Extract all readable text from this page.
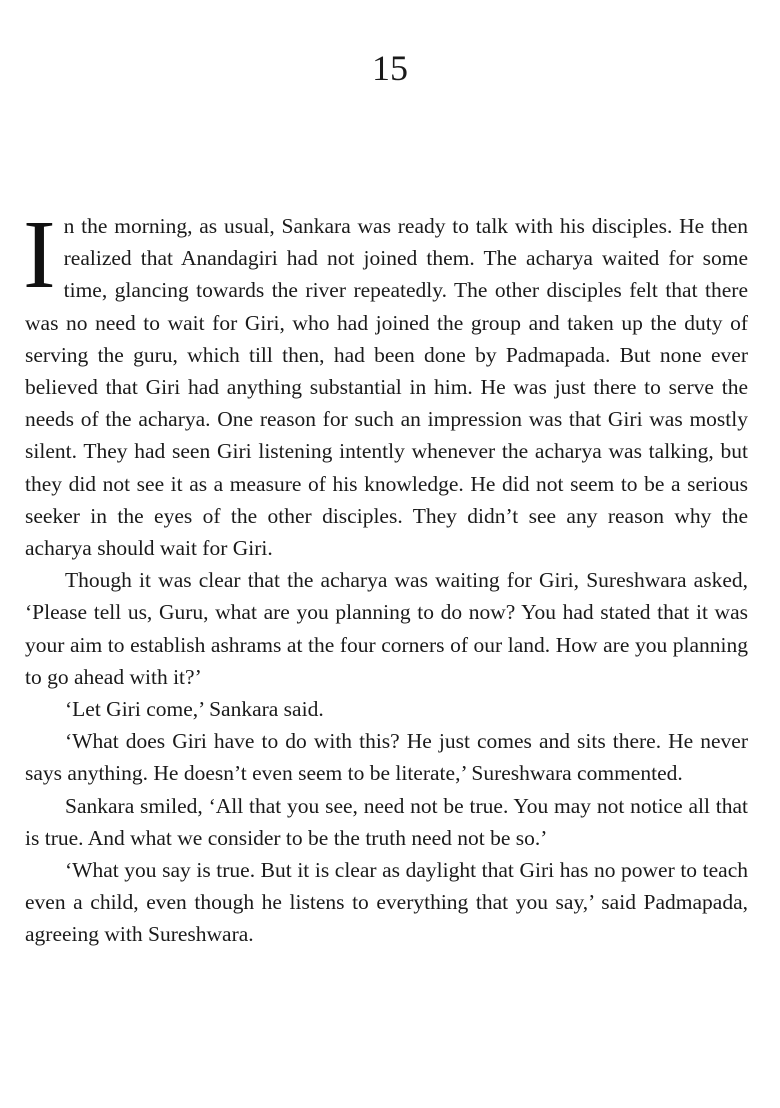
15

In the morning, as usual, Sankara was ready to talk with his disciples. He then realized that Anandagiri had not joined them. The acharya waited for some time, glancing towards the river repeatedly. The other disciples felt that there was no need to wait for Giri, who had joined the group and taken up the duty of serving the guru, which till then, had been done by Padmapada. But none ever believed that Giri had anything substantial in him. He was just there to serve the needs of the acharya. One reason for such an impression was that Giri was mostly silent. They had seen Giri listening intently whenever the acharya was talking, but they did not see it as a measure of his knowledge. He did not seem to be a serious seeker in the eyes of the other disciples. They didn’t see any reason why the acharya should wait for Giri.

Though it was clear that the acharya was waiting for Giri, Sureshwara asked, ‘Please tell us, Guru, what are you planning to do now? You had stated that it was your aim to establish ashrams at the four corners of our land. How are you planning to go ahead with it?’

‘Let Giri come,’ Sankara said.

‘What does Giri have to do with this? He just comes and sits there. He never says anything. He doesn’t even seem to be literate,’ Sureshwara commented.

Sankara smiled, ‘All that you see, need not be true. You may not notice all that is true. And what we consider to be the truth need not be so.’

‘What you say is true. But it is clear as daylight that Giri has no power to teach even a child, even though he listens to everything that you say,’ said Padmapada, agreeing with Sureshwara.
